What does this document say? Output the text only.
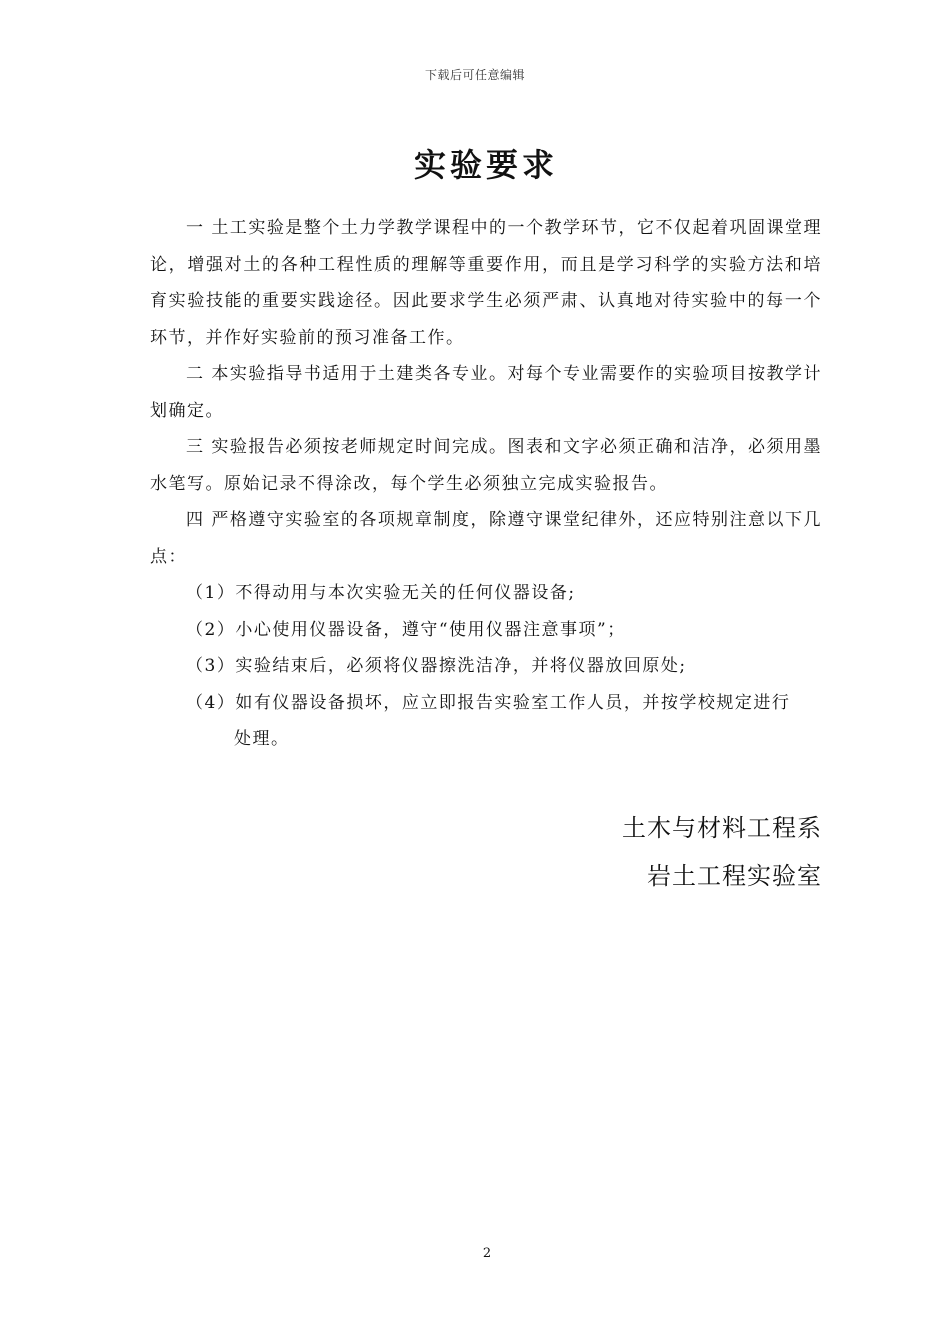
下载后可任意编辑
实验要求

一 土工实验是整个土力学教学课程中的一个教学环节，它不仅起着巩固课堂理论，增强对土的各种工程性质的理解等重要作用，而且是学习科学的实验方法和培育实验技能的重要实践途径。因此要求学生必须严肃、认真地对待实验中的每一个环节，并作好实验前的预习准备工作。

二 本实验指导书适用于土建类各专业。对每个专业需要作的实验项目按教学计划确定。

三 实验报告必须按老师规定时间完成。图表和文字必须正确和洁净，必须用墨水笔写。原始记录不得涂改，每个学生必须独立完成实验报告。

四 严格遵守实验室的各项规章制度，除遵守课堂纪律外，还应特别注意以下几点：

（1）不得动用与本次实验无关的任何仪器设备;

（2）小心使用仪器设备，遵守“使用仪器注意事项”；

（3）实验结束后，必须将仪器擦洗洁净，并将仪器放回原处;

（4）如有仪器设备损坏，应立即报告实验室工作人员，并按学校规定进行

处理。

土木与材料工程系
岩土工程实验室
2
